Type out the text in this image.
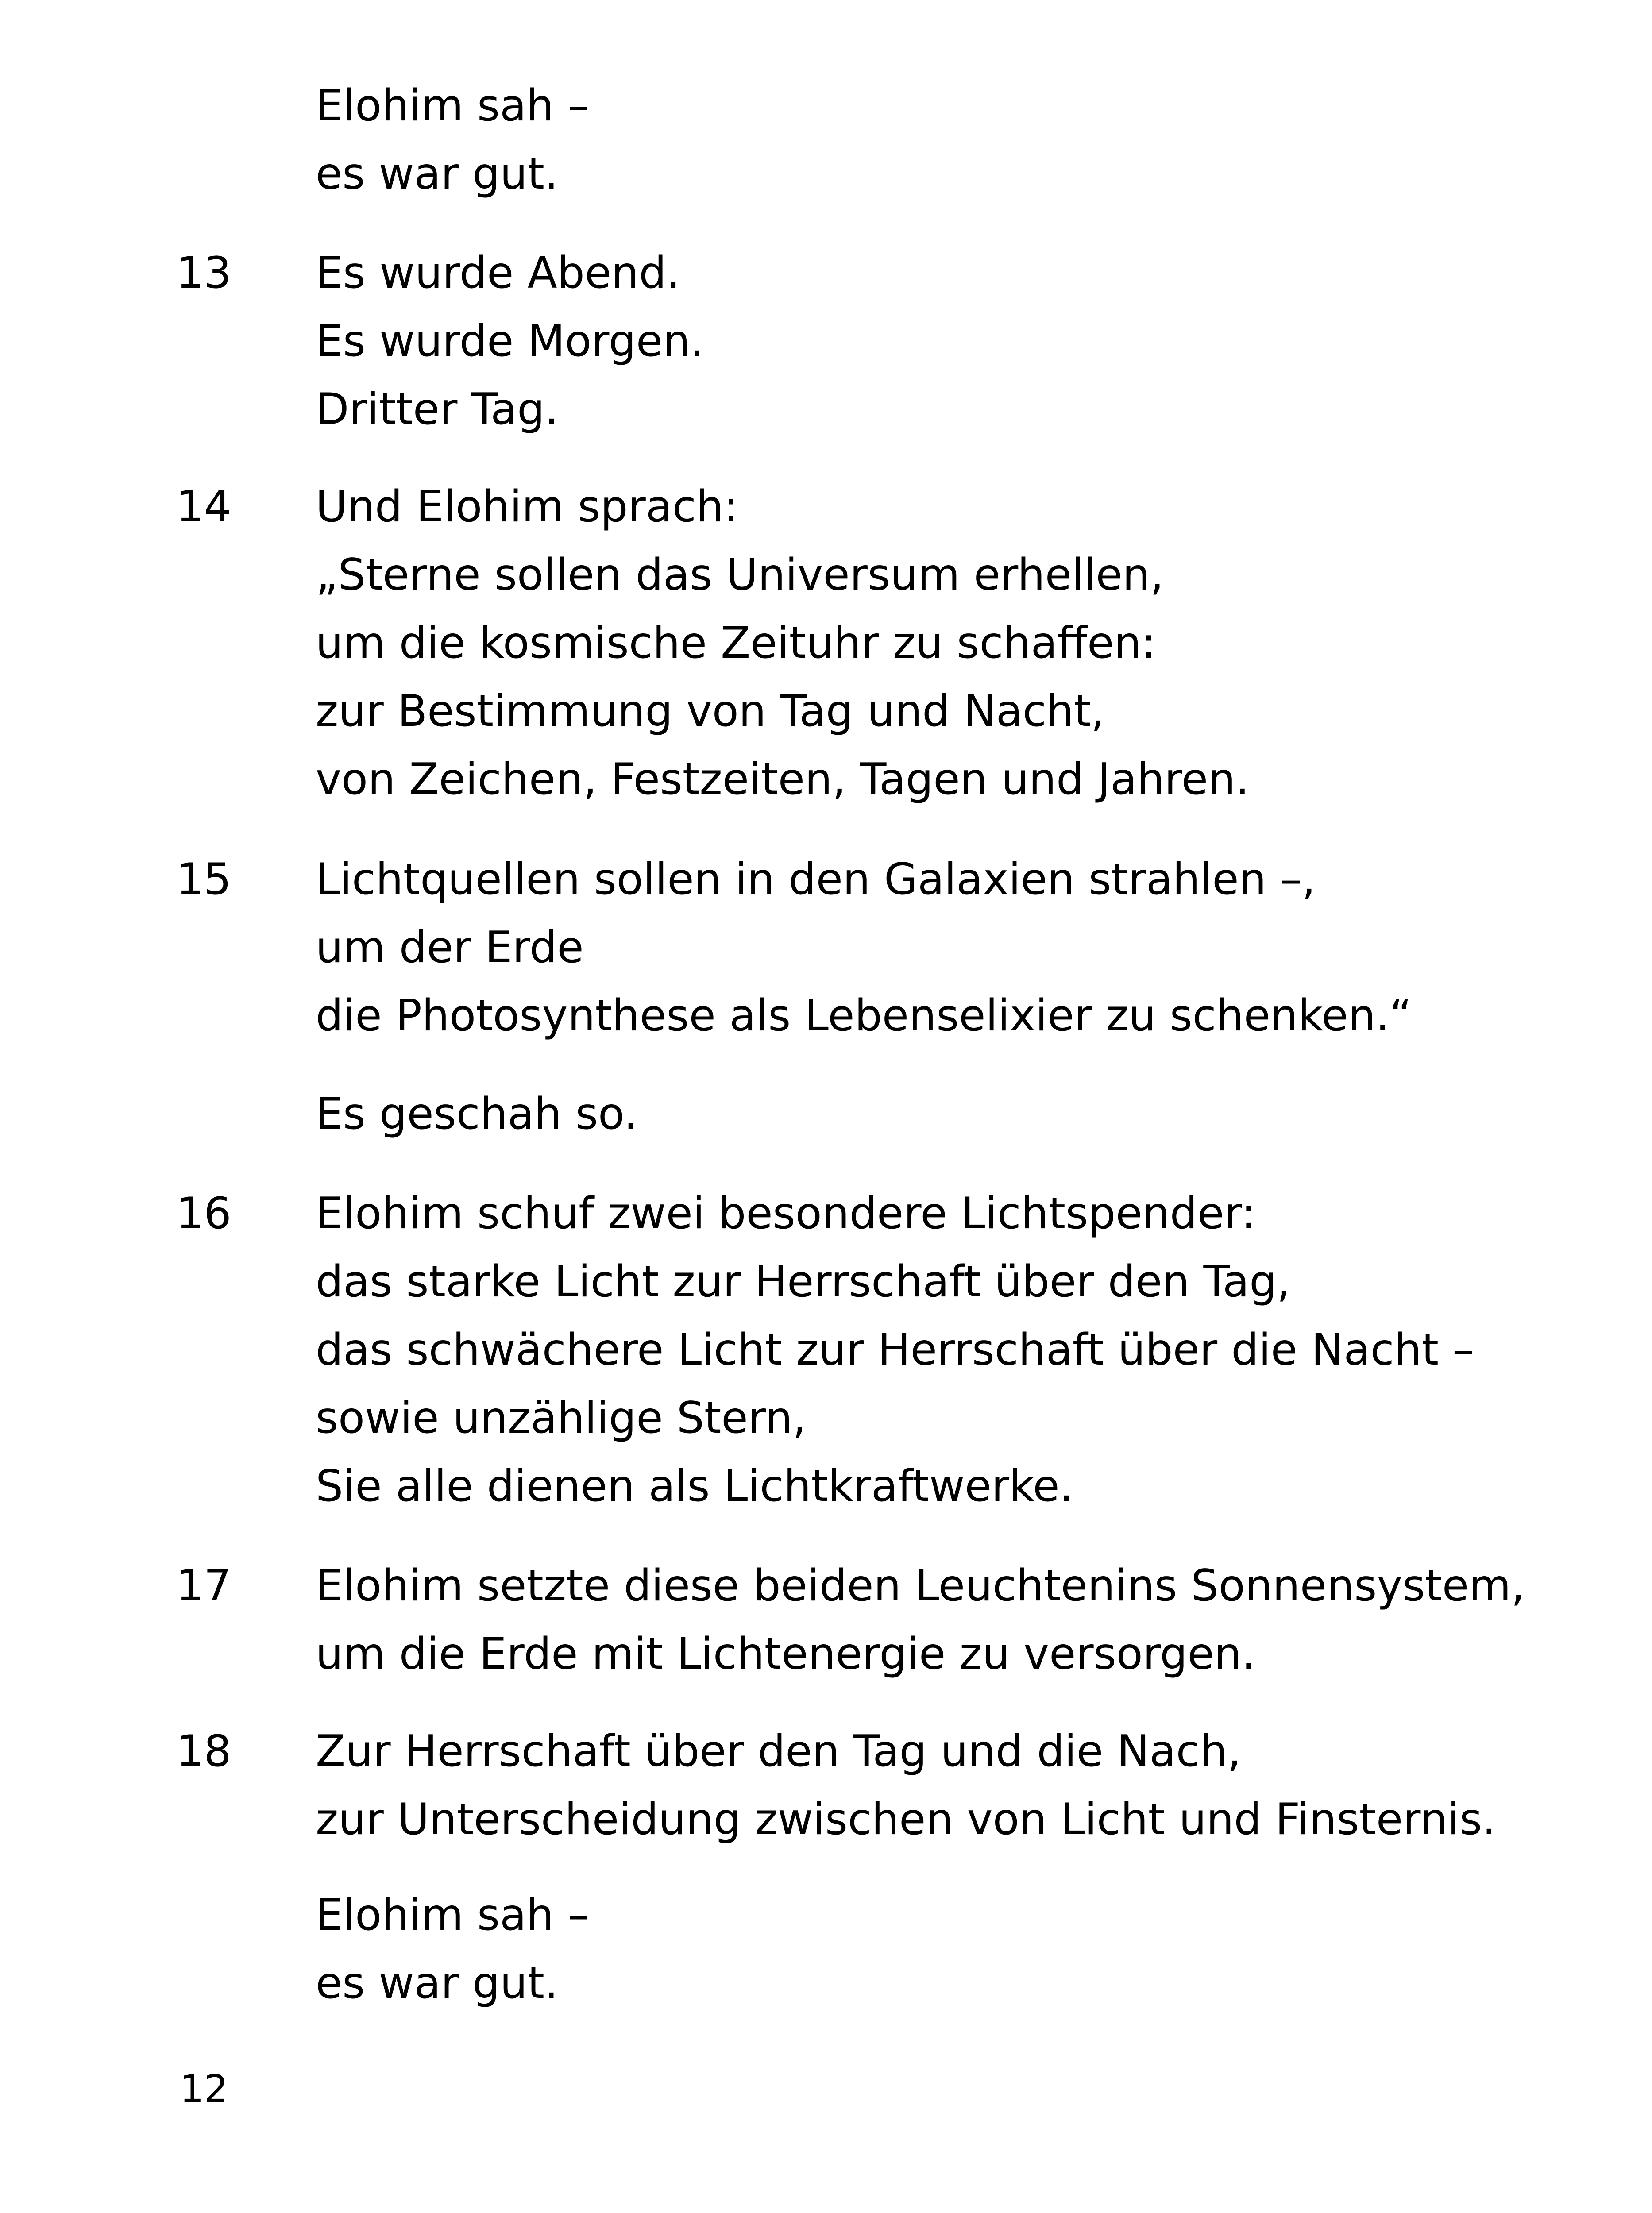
Elohim sah –
es war gut.
13 Es wurde Abend.
Es wurde Morgen.
Dritter Tag.
14 Und Elohim sprach:
„Sterne sollen das Universum erhellen,
um die kosmische Zeituhr zu schaffen:
zur Bestimmung von Tag und Nacht,
von Zeichen, Festzeiten, Tagen und Jahren.
15 Lichtquellen sollen in den Galaxien strahlen –,
um der Erde
die Photosynthese als Lebenselixier zu schenken.“
Es geschah so.
16 Elohim schuf zwei besondere Lichtspender:
das starke Licht zur Herrschaft über den Tag,
das schwächere Licht zur Herrschaft über die Nacht –
sowie unzählige Stern,
Sie alle dienen als Lichtkraftwerke.
17 Elohim setzte diese beiden Leuchtenins Sonnensystem,
um die Erde mit Lichtenergie zu versorgen.
18 Zur Herrschaft über den Tag und die Nach,
zur Unterscheidung zwischen von Licht und Finsternis.
Elohim sah –
es war gut.
12
